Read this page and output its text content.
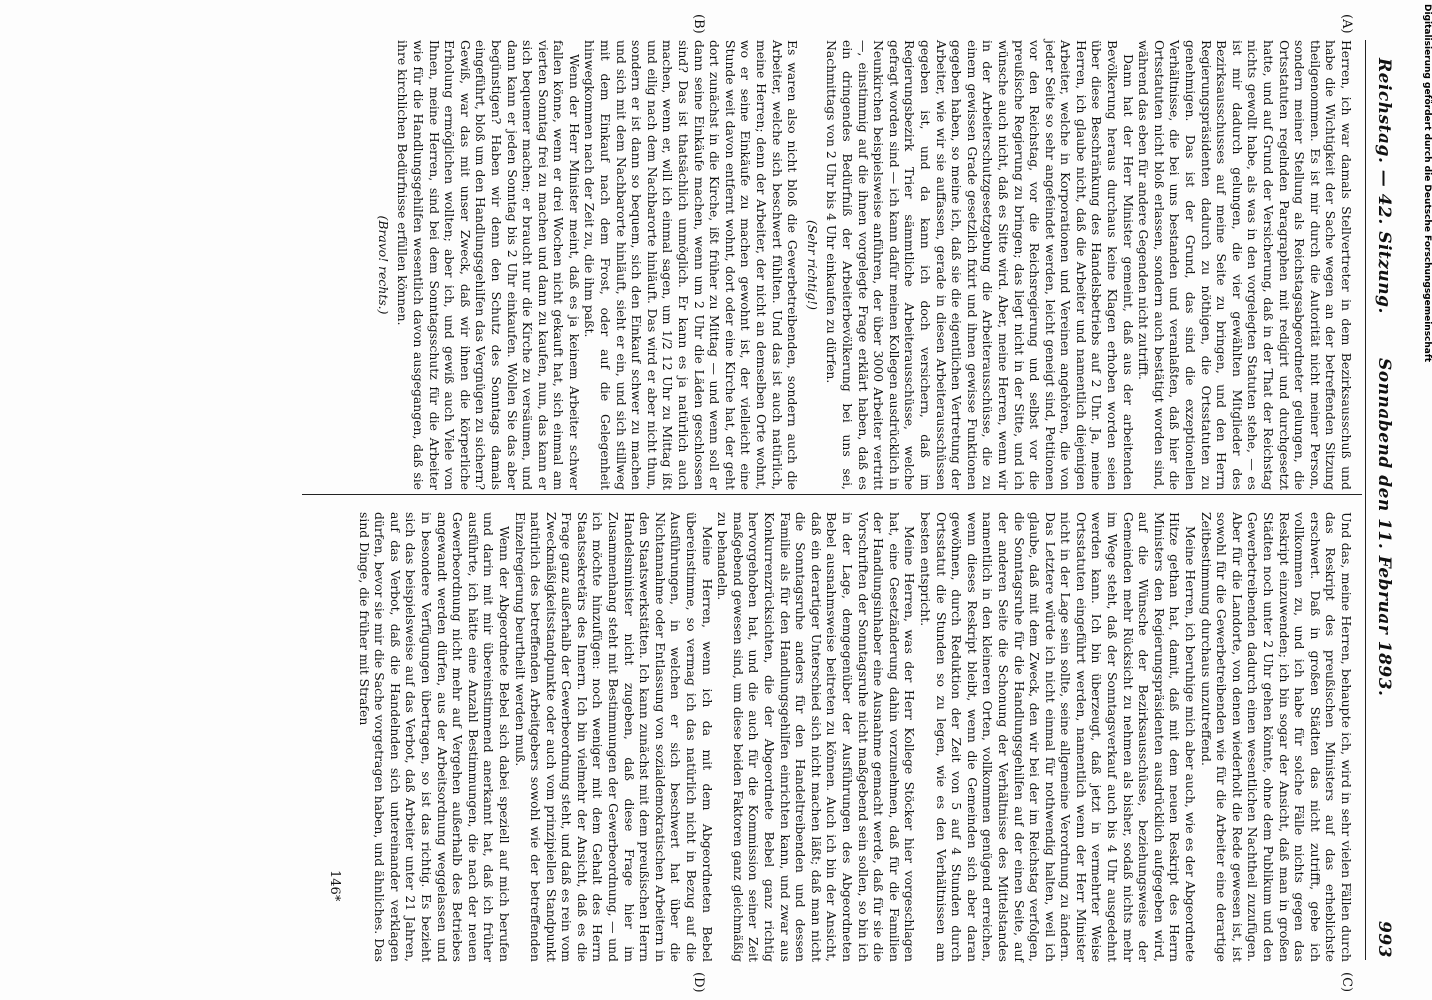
Reichstag. — 42. Sitzung.
Sonnabend den 11. Februar 1893.
993
(A)
(B)
(C)
(D)

Herren, ich war damals Stellvertreter in dem Bezirksausschuß und habe die Wichtigkeit der Sache wegen an der betreffenden Sitzung theilgenommen. Es ist mir durch die Autorität nicht meiner Person, sondern meiner Stellung als Reichstagsabgeordneter gelungen, die Ortsstatuten regelnden Paragraphen mit redigirt und durchgesetzt hatte, und auf Grund der Versicherung, daß in der That der Reichstag nichts gewollt habe, als was in den vorgelegten Statuten stehe, — es ist mir dadurch gelungen, die vier gewählten Mitglieder des Bezirksausschusses auf meine Seite zu bringen, und den Herrn Regierungspräsidenten dadurch zu nöthigen, die Ortsstatuten zu genehmigen. Das ist der Grund, das sind die exzeptionellen Verhältnisse, die bei uns bestanden und veranlaßten, daß hier die Ortsstatuten nicht bloß erlassen, sondern auch bestätigt worden sind, während das eben für andere Gegenden nicht zutrifft.

Dann hat der Herr Minister gemeint, daß aus der arbeitenden Bevölkerung heraus durchaus keine Klagen erhoben worden seien über diese Beschränkung des Handelsbetriebs auf 2 Uhr. Ja, meine Herren, ich glaube nicht, daß die Arbeiter und namentlich diejenigen Arbeiter, welche in Korporationen und Vereinen angehören, die von jeder Seite so sehr angefeindet werden, leicht geneigt sind, Petitionen vor den Reichstag, vor die Reichsregierung und selbst vor die preußische Regierung zu bringen; das liegt nicht in der Sitte, und ich wünsche auch nicht, daß es Sitte wird. Aber, meine Herren, wenn wir in der Arbeiterschutzgesetzgebung die Arbeiterausschüsse, die zu einem gewissen Grade gesetzlich fixirt und ihnen gewisse Funktionen gegeben haben, so meine ich, daß sie die eigentlichen Vertretung der Arbeiter, wie wir sie auffassen, gerade in diesen Arbeiterausschüssen gegeben ist, und da kann ich doch versichern, daß im Regierungsbezirk Trier sämmtliche Arbeiterausschüsse, welche gefragt worden sind — ich kann dafür meinen Kollegen ausdrücklich in Neunkirchen beispielsweise anführen, der über 3000 Arbeiter vertritt —, einstimmig auf die ihnen vorgelegte Frage erklärt haben, daß es ein dringendes Bedürfniß der Arbeiterbevölkerung bei uns sei, Nachmittags von 2 Uhr bis 4 Uhr einkaufen zu dürfen.

(Sehr richtig!)

Es waren also nicht bloß die Gewerbetreibenden, sondern auch die Arbeiter, welche sich beschwert fühlten. Und das ist auch natürlich, meine Herren; denn der Arbeiter, der nicht an demselben Orte wohnt, wo er seine Einkäufe zu machen gewohnt ist, der vielleicht eine Stunde weit davon entfernt wohnt, dort oder eine Kirche hat, der geht dort zunächst in die Kirche, ißt früher zu Mittag — und wenn soll er dann seine Einkäufe machen, wenn um 2 Uhr die Läden geschlossen sind? Das ist thatsächlich unmöglich. Er kann es ja natürlich auch machen, wenn er, will ich einmal sagen, um 1/2 12 Uhr zu Mittag ißt und eilig nach dem Nachbarorte hinläuft. Das wird er aber nicht thun, sondern er ist dann so bequem, sich den Einkauf schwer zu machen und sich mit dem Nachbarorte hinläuft, sieht er ein, und sich stillweg mit dem Einkauf nach dem Frost, oder auf die Gelegenheit hinwegkommen nach der Zeit zu, die ihm paßt.

Wenn der Herr Minister meint, daß es ja keinem Arbeiter schwer fallen könne, wenn er drei Wochen nicht gekauft hat, sich einmal am vierten Sonntag frei zu machen und dann zu kaufen, nun, das kann er sich bequemer machen; er braucht nur die Kirche zu versäumen, und dann kann er jeden Sonntag bis 2 Uhr einkaufen. Wollen Sie das aber begünstigen? Haben wir denn den Schutz des Sonntags damals eingeführt, bloß um den Handlungsgehilfen das Vergnügen zu sichern? Gewiß, war das mit unser Zweck, daß wir ihnen die körperliche Erholung ermöglichen wollten; aber ich, und gewiß auch Viele von Ihnen, meine Herren, sind bei dem Sonntagsschutz für die Arbeiter wie für die Handlungsgehilfen wesentlich davon ausgegangen, daß sie ihre kirchlichen Bedürfnisse erfüllen können.

(Bravo! rechts.)

Und das, meine Herren, behaupte ich, wird in sehr vielen Fällen durch das Reskript des preußischen Ministers auf das erheblichste erschwert. Daß in großen Städten das nicht zutrifft, gebe ich vollkommen zu, und ich habe für solche Fälle nichts gegen das Reskript einzuwenden; ich bin sogar der Ansicht, daß man in großen Städten noch unter 2 Uhr gehen könnte, ohne dem Publikum und den Gewerbetreibenden dadurch einen wesentlichen Nachtheil zuzufügen. Aber für die Landorte, von denen wiederholt die Rede gewesen ist, ist sowohl für die Gewerbetreibenden wie für die Arbeiter eine derartige Zeitbestimmung durchaus unzutreffend.

Meine Herren, ich beruhige mich aber auch, wie es der Abgeordnete Hitze gethan hat, damit, daß mit dem neuen Reskript des Herrn Ministers den Regierungspräsidenten ausdrücklich aufgegeben wird, auf die Wünsche der Bezirksausschüsse, beziehungsweise der Gemeinden mehr Rücksicht zu nehmen als bisher, sodaß nichts mehr im Wege steht, daß der Sonntagsverkauf auch bis 4 Uhr ausgedehnt werden kann. Ich bin überzeugt, daß jetzt in vermehrter Weise Ortsstatuten eingeführt werden, namentlich wenn der Herr Minister nicht in der Lage sein sollte, seine allgemeine Verordnung zu ändern. Das Letztere würde ich nicht einmal für nothwendig halten, weil ich glaube, daß mit dem Zweck, den wir bei der im Reichstag verfolgen, die Sonntagsruhe für die Handlungsgehilfen auf der einen Seite, auf der anderen Seite die Schonung der Verhältnisse des Mittelstandes namentlich in den kleineren Orten, vollkommen genügend erreichen, wenn dieses Reskript bleibt, wenn die Gemeinden sich aber daran gewöhnen, durch Reduktion der Zeit von 5 auf 4 Stunden durch Ortsstatut die Stunden so zu legen, wie es den Verhältnissen am besten entspricht.

Meine Herren, was der Herr Kollege Stöcker hier vorgeschlagen hat, eine Gesetzänderung dahin vorzunehmen, daß für die Familien der Handlungsinhaber eine Ausnahme gemacht werde, daß für sie die Vorschriften der Sonntagsruhe nicht maßgebend sein sollen, so bin ich in der Lage, demgegenüber der Ausführungen des Abgeordneten Bebel ausnahmsweise beitreten zu können. Auch ich bin der Ansicht, daß ein derartiger Unterschied sich nicht machen läßt; daß man nicht die Sonntagsruhe anders für den Handeltreibenden und dessen Familie als für den Handlungsgehilfen einrichten kann, und zwar aus Konkurrenzrücksichten, die der Abgeordnete Bebel ganz richtig hervorgehoben hat, und die auch für die Kommission seiner Zeit maßgebend gewesen sind, um diese beiden Faktoren ganz gleichmäßig zu behandeln.

Meine Herren, wenn ich da mit dem Abgeordneten Bebel übereinstimme, so vermag ich das natürlich nicht in Bezug auf die Ausführungen, in welchen er sich beschwert hat über die Nichtannahme oder Entlassung von sozialdemokratischen Arbeitern in den Staatswerkstätten. Ich kann zunächst mit dem preußischen Herrn Handelsminister nicht zugeben, daß diese Frage hier im Zusammenhang steht mit Bestimmungen der Gewerbeordnung, — und ich möchte hinzufügen: noch weniger mit dem Gehalt des Herrn Staatssekretärs des Innern. Ich bin vielmehr der Ansicht, daß es die Frage ganz außerhalb der Gewerbeordnung steht, und daß es rein vom Zweckmäßigkeitsstandpunkte oder auch vom prinzipiellen Standpunkt natürlich des betreffenden Arbeitgebers sowohl wie der betreffenden Einzelregierung beurtheilt werden muß.

Wenn der Abgeordnete Bebel sich dabei speziell auf mich berufen und darin mit mir übereinstimmend anerkannt hat, daß ich früher ausführte, ich hätte eine Anzahl Bestimmungen, die nach der neuen Gewerbeordnung nicht mehr auf Vergehen außerhalb des Betriebes angewandt werden dürfen, aus der Arbeitsordnung weggelassen und in besondere Verfügungen übertragen, so ist das richtig. Es bezieht sich das beispielsweise auf das Verbot, daß Arbeiter unter 21 Jahren, auf das Verbot, daß die Handelnden sich untereinander verklagen dürfen, bevor sie mir die Sache vorgetragen haben, und ähnliches. Das sind Dinge, die früher mit Strafen

146*
Digitalisierung gefördert durch die Deutsche Forschungsgemeinschaft
